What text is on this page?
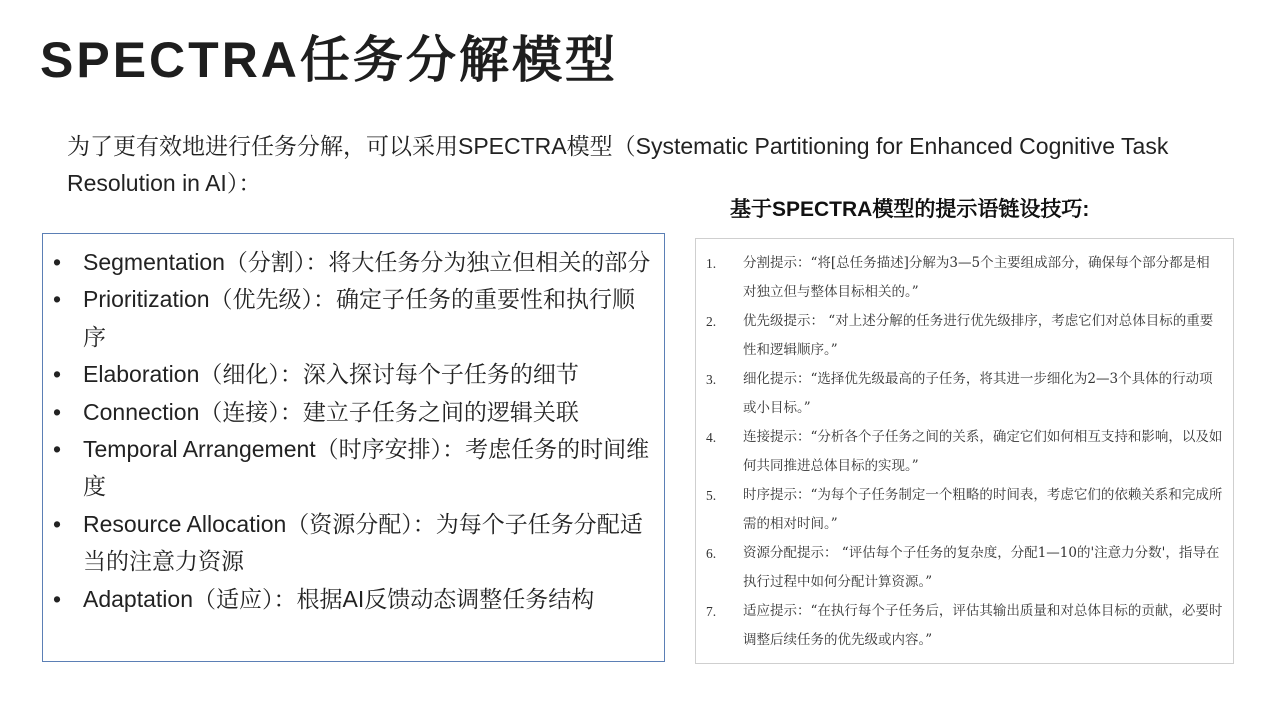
SPECTRA任务分解模型

为了更有效地进行任务分解，可以采用SPECTRA模型（Systematic Partitioning for Enhanced Cognitive Task Resolution in AI）：

基于SPECTRA模型的提示语链设技巧:
• Segmentation（分割）：将大任务分为独立但相关的部分
• Prioritization（优先级）：确定子任务的重要性和执行顺序
• Elaboration（细化）：深入探讨每个子任务的细节
• Connection（连接）：建立子任务之间的逻辑关联
• Temporal Arrangement（时序安排）：考虑任务的时间维度
• Resource Allocation（资源分配）：为每个子任务分配适当的注意力资源
• Adaptation（适应）：根据AI反馈动态调整任务结构
1. 分割提示：“将[总任务描述]分解为3—5个主要组成部分，确保每个部分都是相对独立但与整体目标相关的。”
2. 优先级提示： “对上述分解的任务进行优先级排序，考虑它们对总体目标的重要性和逻辑顺序。”
3. 细化提示：“选择优先级最高的子任务，将其进一步细化为2—3个具体的行动项或小目标。”
4. 连接提示：“分析各个子任务之间的关系，确定它们如何相互支持和影响，以及如何共同推进总体目标的实现。”
5. 时序提示：“为每个子任务制定一个粗略的时间表，考虑它们的依赖关系和完成所需的相对时间。”
6. 资源分配提示： “评估每个子任务的复杂度，分配1—10的'注意力分数'，指导在执行过程中如何分配计算资源。”
7. 适应提示：“在执行每个子任务后，评估其输出质量和对总体目标的贡献，必要时调整后续任务的优先级或内容。”
